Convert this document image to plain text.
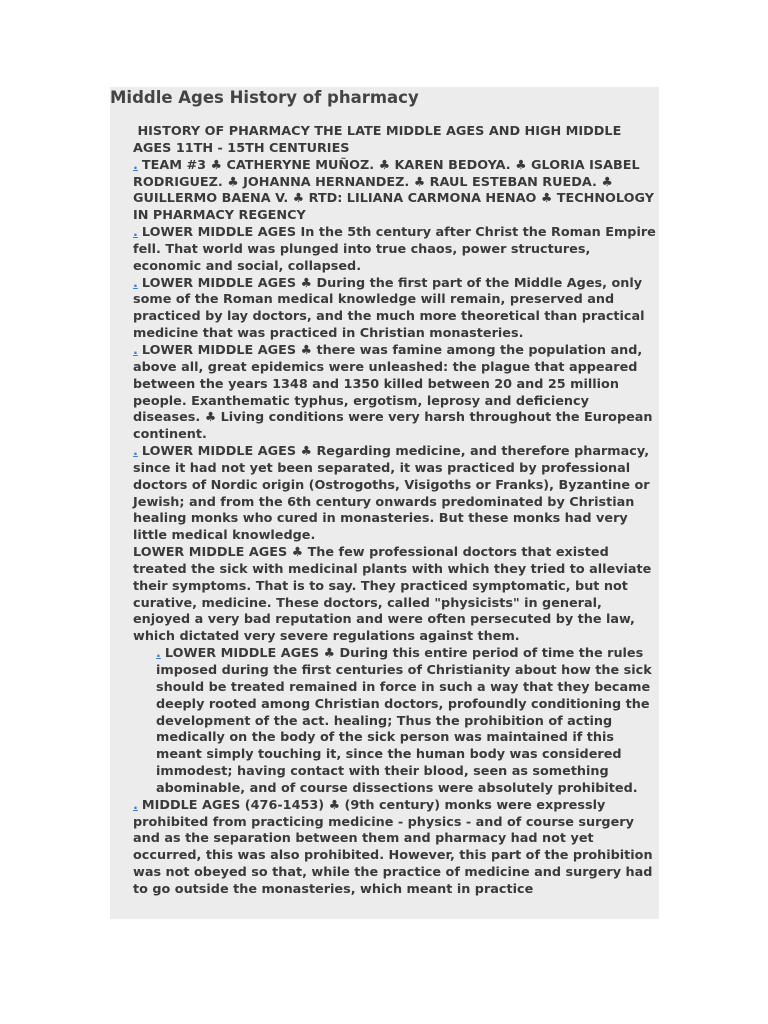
Middle Ages History of pharmacy

HISTORY OF PHARMACY THE LATE MIDDLE AGES AND HIGH MIDDLE AGES 11TH - 15TH CENTURIES

. TEAM #3 ♣ CATHERYNE MUÑOZ. ♣ KAREN BEDOYA. ♣ GLORIA ISABEL RODRIGUEZ. ♣ JOHANNA HERNANDEZ. ♣ RAUL ESTEBAN RUEDA. ♣ GUILLERMO BAENA V. ♣ RTD: LILIANA CARMONA HENAO ♣ TECHNOLOGY IN PHARMACY REGENCY

. LOWER MIDDLE AGES In the 5th century after Christ the Roman Empire fell. That world was plunged into true chaos, power structures, economic and social, collapsed.

. LOWER MIDDLE AGES ♣ During the first part of the Middle Ages, only some of the Roman medical knowledge will remain, preserved and practiced by lay doctors, and the much more theoretical than practical medicine that was practiced in Christian monasteries.

. LOWER MIDDLE AGES ♣ there was famine among the population and, above all, great epidemics were unleashed: the plague that appeared between the years 1348 and 1350 killed between 20 and 25 million people. Exanthematic typhus, ergotism, leprosy and deficiency diseases. ♣ Living conditions were very harsh throughout the European continent.

. LOWER MIDDLE AGES ♣ Regarding medicine, and therefore pharmacy, since it had not yet been separated, it was practiced by professional doctors of Nordic origin (Ostrogoths, Visigoths or Franks), Byzantine or Jewish; and from the 6th century onwards predominated by Christian healing monks who cured in monasteries. But these monks had very little medical knowledge.

LOWER MIDDLE AGES ♣ The few professional doctors that existed treated the sick with medicinal plants with which they tried to alleviate their symptoms. That is to say. They practiced symptomatic, but not curative, medicine. These doctors, called "physicists" in general, enjoyed a very bad reputation and were often persecuted by the law, which dictated very severe regulations against them.

. LOWER MIDDLE AGES ♣ During this entire period of time the rules imposed during the first centuries of Christianity about how the sick should be treated remained in force in such a way that they became deeply rooted among Christian doctors, profoundly conditioning the development of the act. healing; Thus the prohibition of acting medically on the body of the sick person was maintained if this meant simply touching it, since the human body was considered immodest; having contact with their blood, seen as something abominable, and of course dissections were absolutely prohibited.

. MIDDLE AGES (476-1453) ♣ (9th century) monks were expressly prohibited from practicing medicine - physics - and of course surgery and as the separation between them and pharmacy had not yet occurred, this was also prohibited. However, this part of the prohibition was not obeyed so that, while the practice of medicine and surgery had to go outside the monasteries, which meant in practice
